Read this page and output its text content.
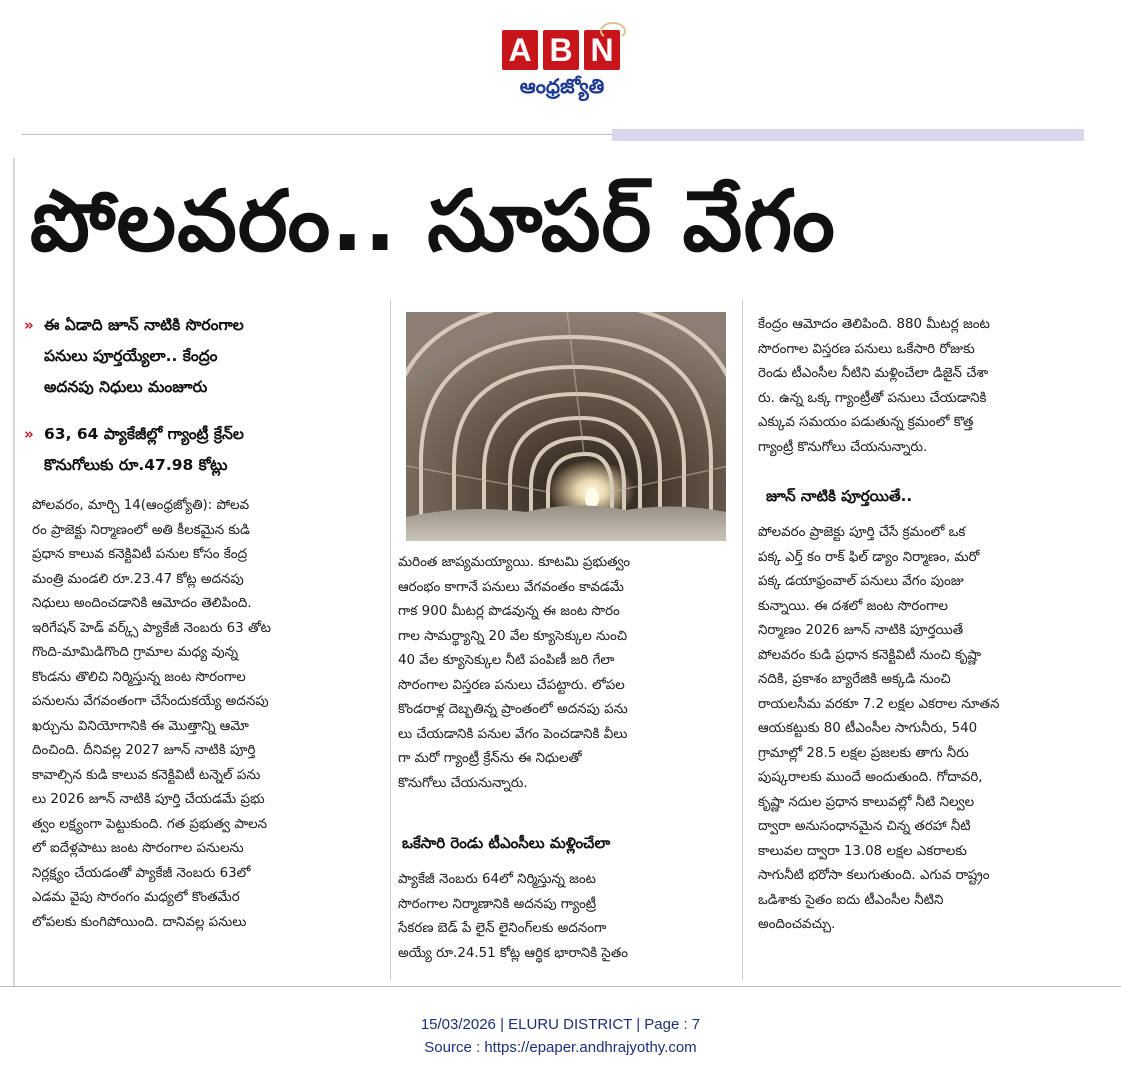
A B N
ఆంధ్రజ్యోతి
పోలవరం.. సూపర్‌ వేగం
» ఈ ఏడాది జూన్‌ నాటికి సొరంగాల
పనులు పూర్తయ్యేలా.. కేంద్రం
అదనపు నిధులు మంజూరు
» 63, 64 ప్యాకేజీల్లో గ్యాంట్రీ క్రేన్‌ల
కొనుగోలుకు రూ.47.98 కోట్లు
పోలవరం, మార్చి 14(ఆంధ్రజ్యోతి): పోలవ
రం ప్రాజెక్టు నిర్మాణంలో అతి కీలకమైన కుడి
ప్రధాన కాలువ కనెక్టివిటీ పనుల కోసం కేంద్ర
మంత్రి మండలి రూ.23.47 కోట్ల అదనపు
నిధులు అందించడానికి ఆమోదం తెలిపింది.
ఇరిగేషన్‌ హెడ్‌ వర్క్స్‌ ప్యాకేజీ నెంబరు 63 తోట
గొంది-మామిడిగొంది గ్రామాల మధ్య వున్న
కొండను తొలిచి నిర్మిస్తున్న జంట సొరంగాల
పనులను వేగవంతంగా చేసేందుకయ్యే అదనపు
ఖర్చును వినియోగానికి ఈ మొత్తాన్ని ఆమో
దించింది. దీనివల్ల 2027 జూన్‌ నాటికి పూర్తి
కావాల్సిన కుడి కాలువ కనెక్టివిటీ టన్నెల్‌ పను
లు 2026 జూన్‌ నాటికి పూర్తి చేయడమే ప్రభు
త్వం లక్ష్యంగా పెట్టుకుంది. గత ప్రభుత్వ పాలన
లో ఐదేళ్లపాటు జంట సొరంగాల పనులను
నిర్లక్ష్యం చేయడంతో ప్యాకేజీ నెంబరు 63లో
ఎడమ వైపు సొరంగం మధ్యలో కొంతమేర
లోపలకు కుంగిపోయింది. దానివల్ల పనులు
మరింత జాప్యమయ్యాయి. కూటమి ప్రభుత్వం
ఆరంభం కాగానే పనులు వేగవంతం కావడమే
గాక 900 మీటర్ల పొడవున్న ఈ జంట సొరం
గాల సామర్థ్యాన్ని 20 వేల క్యూసెక్కుల నుంచి
40 వేల క్యూసెక్కుల నీటి పంపిణీ జరి గేలా
సొరంగాల విస్తరణ పనులు చేపట్టారు. లోపల
కొండరాళ్ల దెబ్బతిన్న ప్రాంతంలో అదనపు పను
లు చేయడానికి పనుల వేగం పెంచడానికి వీలు
గా మరో గ్యాంట్రీ క్రేన్‌ను ఈ నిధులతో
కొనుగోలు చేయనున్నారు.
ఒకేసారి రెండు టీఎంసీలు మళ్లించేలా
ప్యాకేజీ నెంబరు 64లో నిర్మిస్తున్న జంట
సొరంగాల నిర్మాణానికి అదనపు గ్యాంట్రీ
సేకరణ బెడ్‌ పే లైన్‌ లైనింగ్‌లకు అదనంగా
అయ్యే రూ.24.51 కోట్ల ఆర్థిక భారానికి సైతం
కేంద్రం ఆమోదం తెలిపింది. 880 మీటర్ల జంట
సొరంగాల విస్తరణ పనులు ఒకేసారి రోజుకు
రెండు టీఎంసీల నీటిని మళ్లించేలా డిజైన్‌ చేశా
రు. ఉన్న ఒక్క గ్యాంట్రీతో పనులు చేయడానికి
ఎక్కువ సమయం పడుతున్న క్రమంలో కొత్త
గ్యాంట్రీ కొనుగోలు చేయనున్నారు.
జూన్‌ నాటికి పూర్తయితే..
పోలవరం ప్రాజెక్టు పూర్తి చేసే క్రమంలో ఒక
పక్క ఎర్త్‌ కం రాక్‌ ఫిల్‌ డ్యాం నిర్మాణం, మరో
పక్క డయాఫ్రంవాల్‌ పనులు వేగం పుంజు
కున్నాయి. ఈ దశలో జంట సొరంగాల
నిర్మాణం 2026 జూన్‌ నాటికి పూర్తయితే
పోలవరం కుడి ప్రధాన కనెక్టివిటీ నుంచి కృష్ణా
నదికి, ప్రకాశం బ్యారేజికి అక్కడి నుంచి
రాయలసీమ వరకూ 7.2 లక్షల ఎకరాల నూతన
ఆయకట్టుకు 80 టీఎంసీల సాగునీరు, 540
గ్రామాల్లో 28.5 లక్షల ప్రజలకు తాగు నీరు
పుష్కరాలకు ముందే అందుతుంది. గోదావరి,
కృష్ణా నదుల ప్రధాన కాలువల్లో నీటి నిల్వల
ద్వారా అనుసంధానమైన చిన్న తరహా నీటి
కాలువల ద్వారా 13.08 లక్షల ఎకరాలకు
సాగునీటి భరోసా కలుగుతుంది. ఎగువ రాష్ట్రం
ఒడిశాకు సైతం ఐదు టీఎంసీల నీటిని
అందించవచ్చు.
15/03/2026 | ELURU DISTRICT | Page : 7
Source : https://epaper.andhrajyothy.com
